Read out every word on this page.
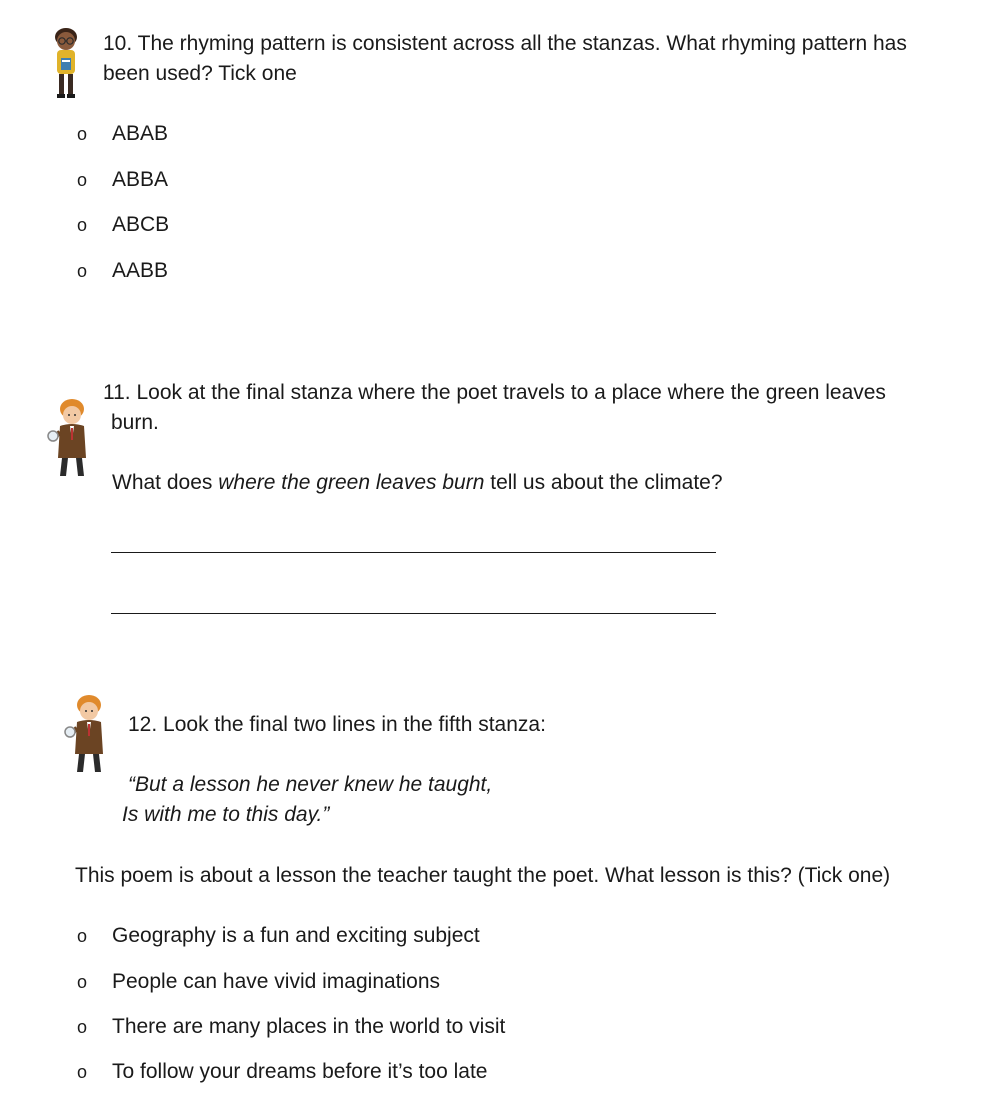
10. The rhyming pattern is consistent across all the stanzas. What rhyming pattern has
been used? Tick one
o ABAB
o ABBA
o ABCB
o AABB
11. Look at the final stanza where the poet travels to a place where the green leaves
burn.
What does where the green leaves burn tell us about the climate?
12. Look the final two lines in the fifth stanza:
“But a lesson he never knew he taught,
Is with me to this day.”
This poem is about a lesson the teacher taught the poet. What lesson is this? (Tick one)
o Geography is a fun and exciting subject
o People can have vivid imaginations
o There are many places in the world to visit
o To follow your dreams before it’s too late
